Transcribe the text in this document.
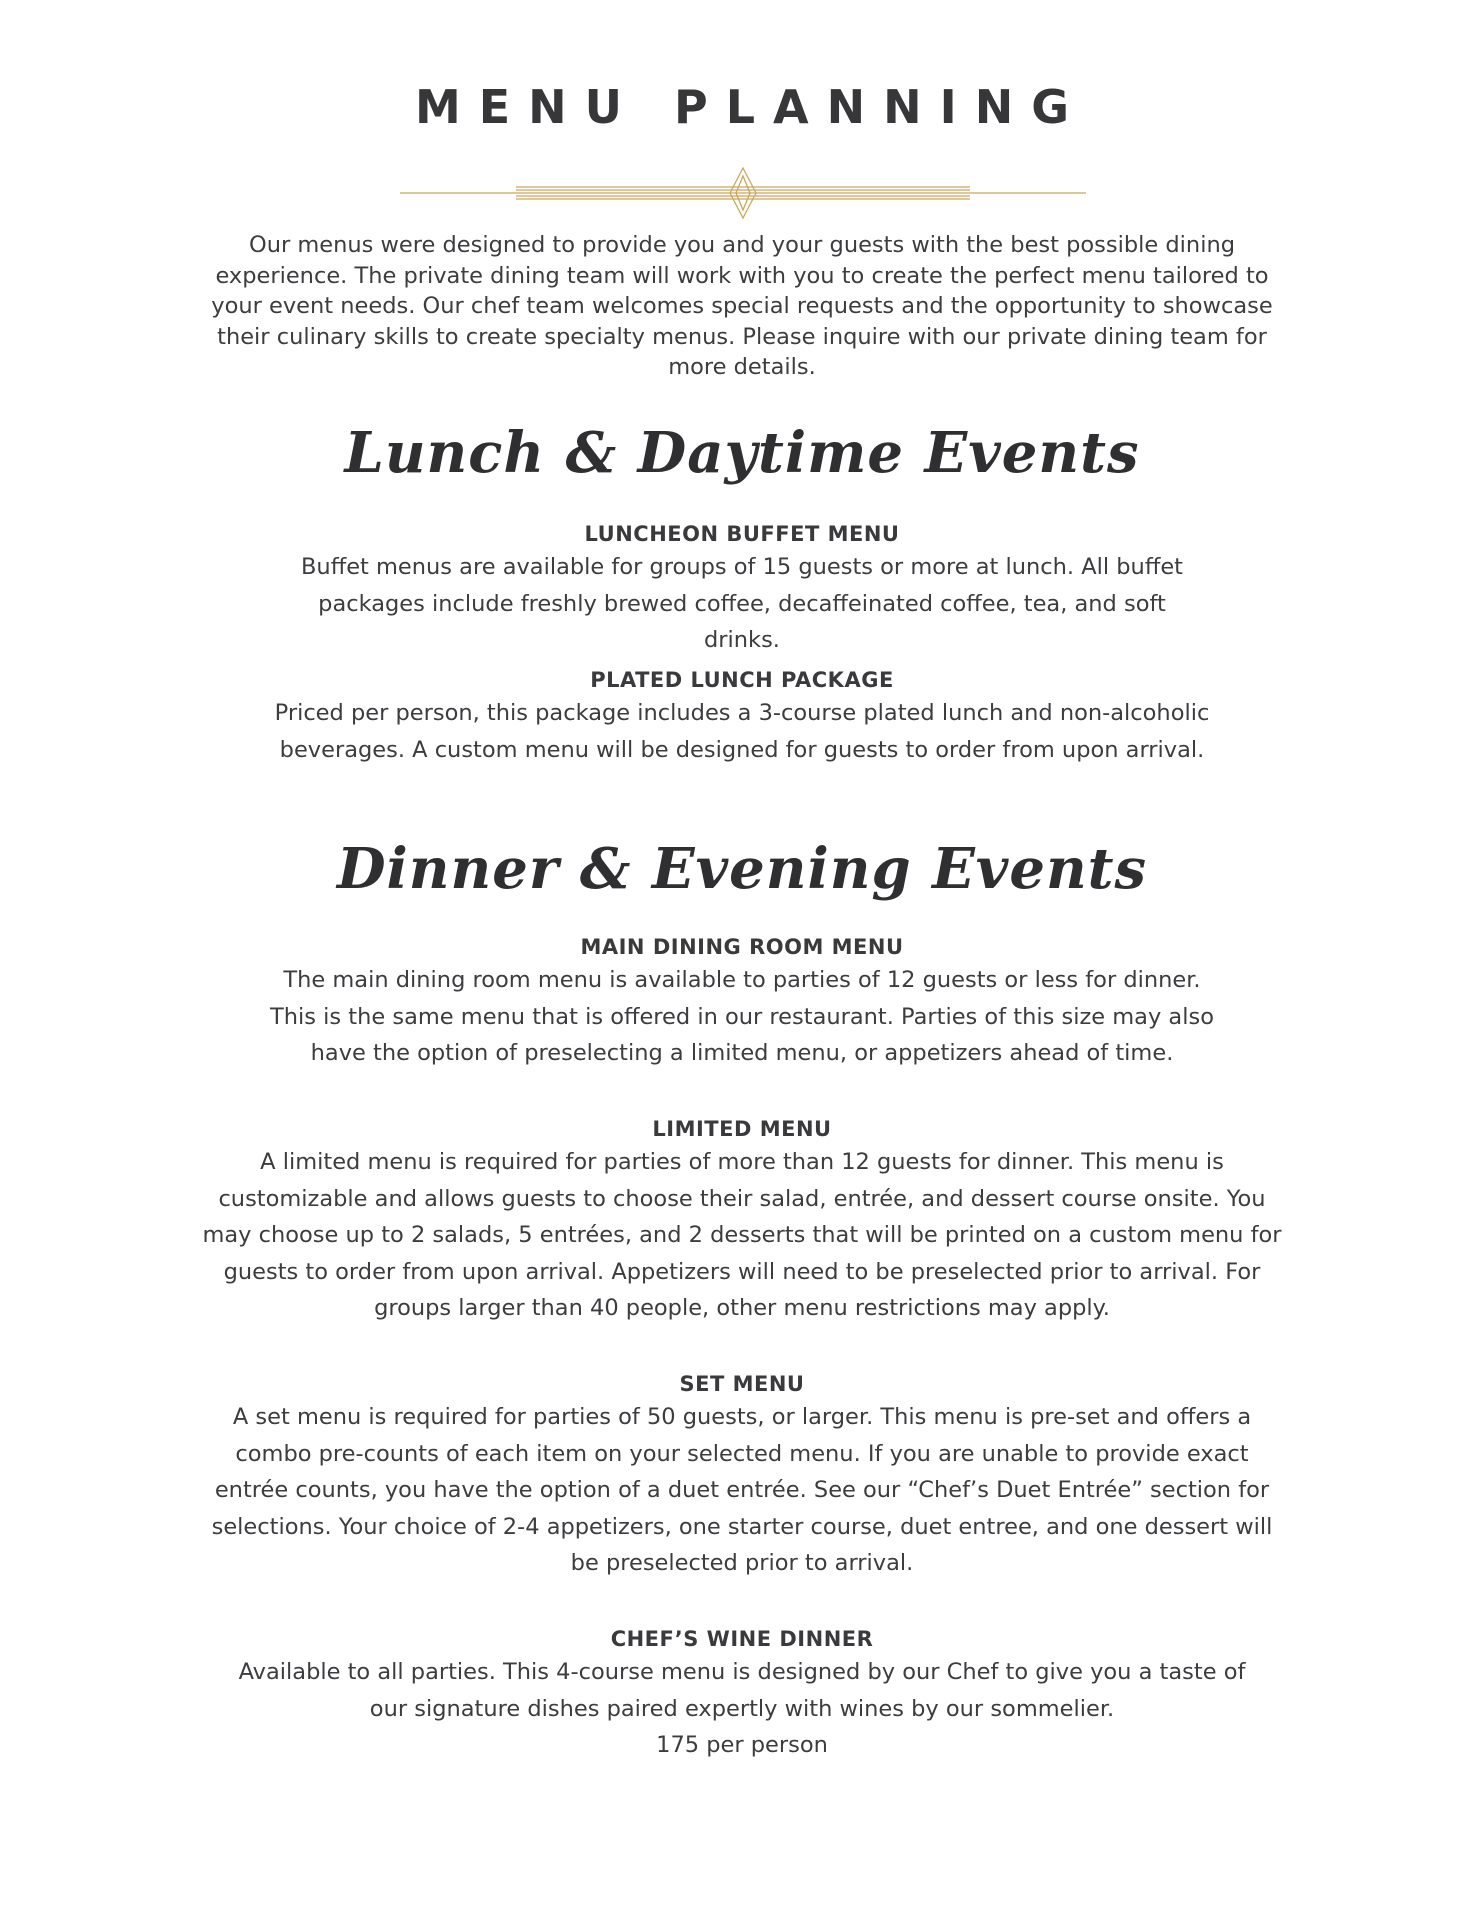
MENU PLANNING

Our menus were designed to provide you and your guests with the best possible dining experience. The private dining team will work with you to create the perfect menu tailored to your event needs. Our chef team welcomes special requests and the opportunity to showcase their culinary skills to create specialty menus. Please inquire with our private dining team for more details.

Lunch & Daytime Events
LUNCHEON BUFFET MENU

Buffet menus are available for groups of 15 guests or more at lunch. All buffet packages include freshly brewed coffee, decaffeinated coffee, tea, and soft drinks.

PLATED LUNCH PACKAGE

Priced per person, this package includes a 3-course plated lunch and non-alcoholic beverages. A custom menu will be designed for guests to order from upon arrival.

Dinner & Evening Events
MAIN DINING ROOM MENU

The main dining room menu is available to parties of 12 guests or less for dinner. This is the same menu that is offered in our restaurant. Parties of this size may also have the option of preselecting a limited menu, or appetizers ahead of time.

LIMITED MENU

A limited menu is required for parties of more than 12 guests for dinner. This menu is customizable and allows guests to choose their salad, entrée, and dessert course onsite. You may choose up to 2 salads, 5 entrées, and 2 desserts that will be printed on a custom menu for guests to order from upon arrival. Appetizers will need to be preselected prior to arrival. For groups larger than 40 people, other menu restrictions may apply.

SET MENU

A set menu is required for parties of 50 guests, or larger. This menu is pre-set and offers a combo pre-counts of each item on your selected menu. If you are unable to provide exact entrée counts, you have the option of a duet entrée. See our “Chef’s Duet Entrée” section for selections. Your choice of 2-4 appetizers, one starter course, duet entree, and one dessert will be preselected prior to arrival.

CHEF’S WINE DINNER

Available to all parties. This 4-course menu is designed by our Chef to give you a taste of our signature dishes paired expertly with wines by our sommelier.

175 per person
